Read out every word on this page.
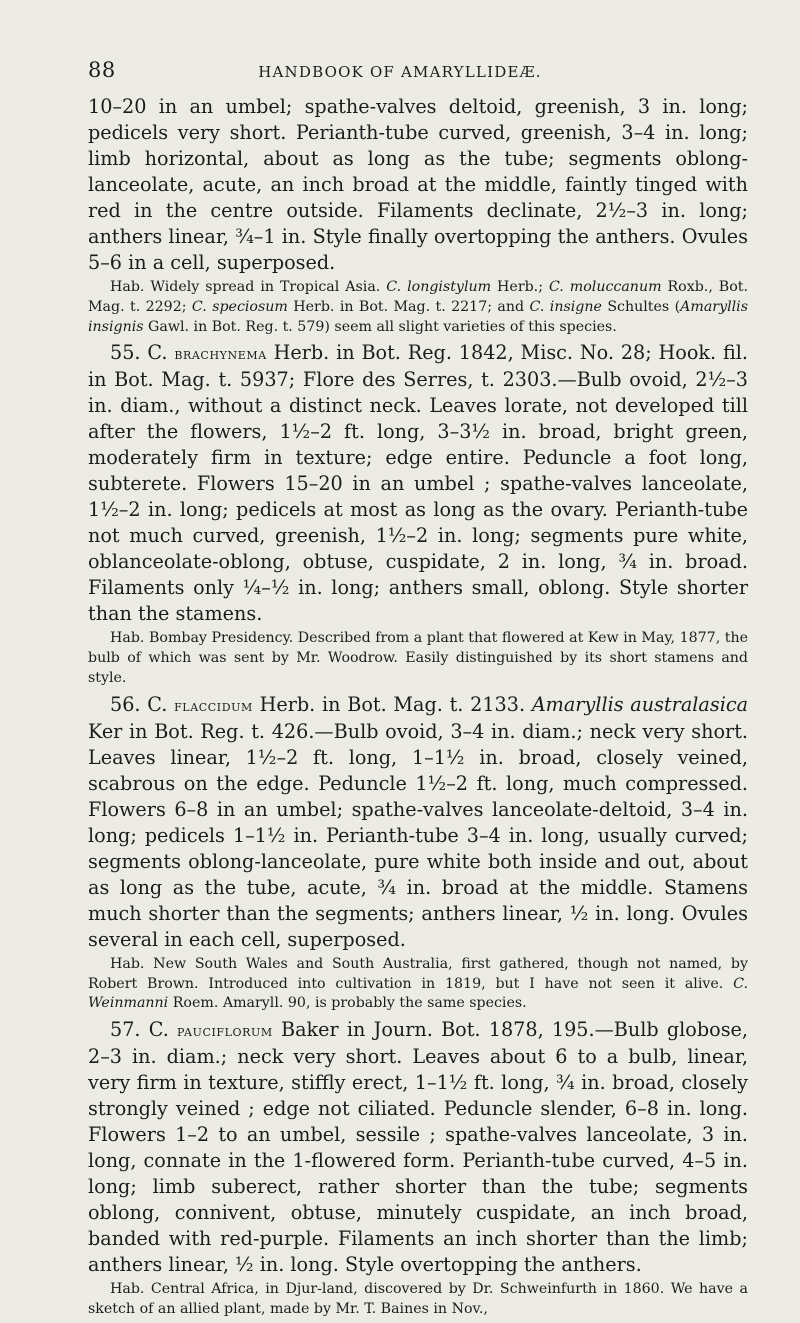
88	HANDBOOK OF AMARYLLIDEÆ.

10–20 in an umbel; spathe-valves deltoid, greenish, 3 in. long; pedicels very short. Perianth-tube curved, greenish, 3–4 in. long; limb horizontal, about as long as the tube; segments oblong-lanceolate, acute, an inch broad at the middle, faintly tinged with red in the centre outside. Filaments declinate, 2½–3 in. long; anthers linear, ¾–1 in. Style finally overtopping the anthers. Ovules 5–6 in a cell, superposed.

Hab. Widely spread in Tropical Asia. C. longistylum Herb.; C. moluccanum Roxb., Bot. Mag. t. 2292; C. speciosum Herb. in Bot. Mag. t. 2217; and C. insigne Schultes (Amaryllis insignis Gawl. in Bot. Reg. t. 579) seem all slight varieties of this species.

55. C. brachynema Herb. in Bot. Reg. 1842, Misc. No. 28; Hook. fil. in Bot. Mag. t. 5937; Flore des Serres, t. 2303.—Bulb ovoid, 2½–3 in. diam., without a distinct neck. Leaves lorate, not developed till after the flowers, 1½–2 ft. long, 3–3½ in. broad, bright green, moderately firm in texture; edge entire. Peduncle a foot long, subterete. Flowers 15–20 in an umbel ; spathe-valves lanceolate, 1½–2 in. long; pedicels at most as long as the ovary. Perianth-tube not much curved, greenish, 1½–2 in. long; segments pure white, oblanceolate-oblong, obtuse, cuspidate, 2 in. long, ¾ in. broad. Filaments only ¼–½ in. long; anthers small, oblong. Style shorter than the stamens.

Hab. Bombay Presidency. Described from a plant that flowered at Kew in May, 1877, the bulb of which was sent by Mr. Woodrow. Easily distinguished by its short stamens and style.

56. C. flaccidum Herb. in Bot. Mag. t. 2133. Amaryllis australasica Ker in Bot. Reg. t. 426.—Bulb ovoid, 3–4 in. diam.; neck very short. Leaves linear, 1½–2 ft. long, 1–1½ in. broad, closely veined, scabrous on the edge. Peduncle 1½–2 ft. long, much compressed. Flowers 6–8 in an umbel; spathe-valves lanceolate-deltoid, 3–4 in. long; pedicels 1–1½ in. Perianth-tube 3–4 in. long, usually curved; segments oblong-lanceolate, pure white both inside and out, about as long as the tube, acute, ¾ in. broad at the middle. Stamens much shorter than the segments; anthers linear, ½ in. long. Ovules several in each cell, superposed.

Hab. New South Wales and South Australia, first gathered, though not named, by Robert Brown. Introduced into cultivation in 1819, but I have not seen it alive. C. Weinmanni Roem. Amaryll. 90, is probably the same species.

57. C. pauciflorum Baker in Journ. Bot. 1878, 195.—Bulb globose, 2–3 in. diam.; neck very short. Leaves about 6 to a bulb, linear, very firm in texture, stiffly erect, 1–1½ ft. long, ¾ in. broad, closely strongly veined ; edge not ciliated. Peduncle slender, 6–8 in. long. Flowers 1–2 to an umbel, sessile ; spathe-valves lanceolate, 3 in. long, connate in the 1-flowered form. Perianth-tube curved, 4–5 in. long; limb suberect, rather shorter than the tube; segments oblong, connivent, obtuse, minutely cuspidate, an inch broad, banded with red-purple. Filaments an inch shorter than the limb; anthers linear, ½ in. long. Style overtopping the anthers.

Hab. Central Africa, in Djur-land, discovered by Dr. Schweinfurth in 1860. We have a sketch of an allied plant, made by Mr. T. Baines in Nov.,
